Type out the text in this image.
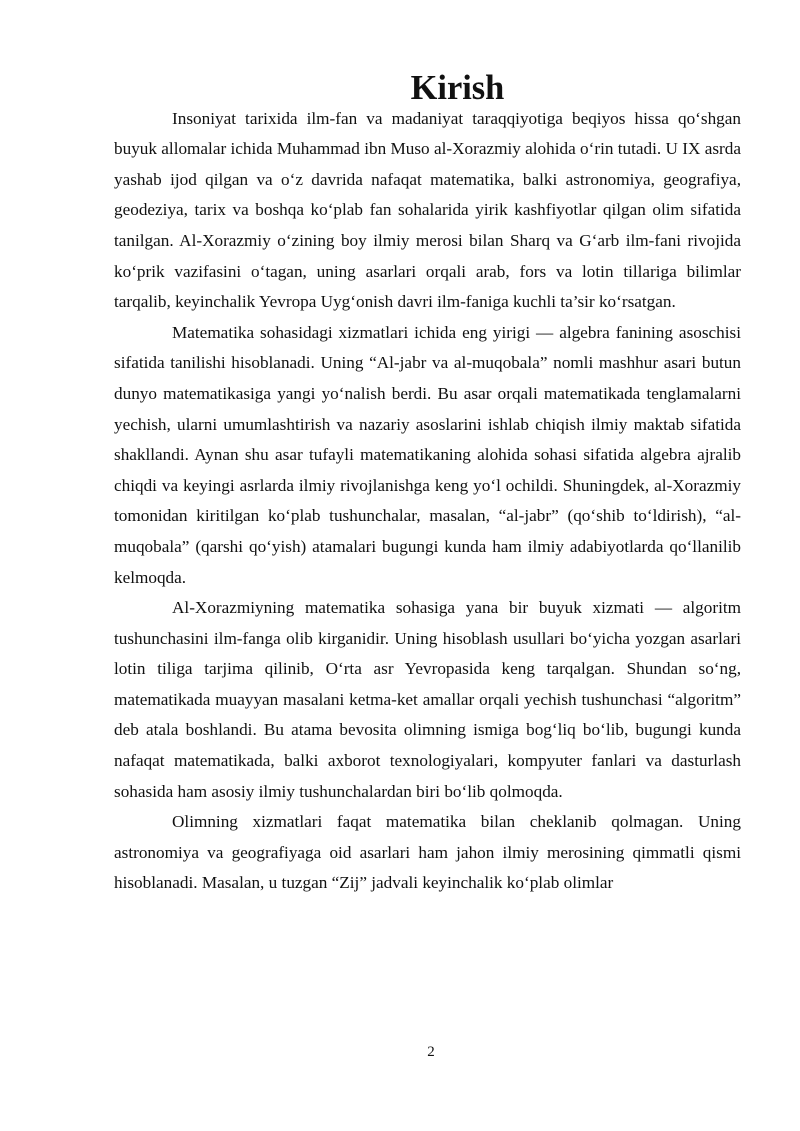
Kirish

Insoniyat tarixida ilm-fan va madaniyat taraqqiyotiga beqiyos hissa qo‘shgan buyuk allomalar ichida Muhammad ibn Muso al-Xorazmiy alohida o‘rin tutadi. U IX asrda yashab ijod qilgan va o‘z davrida nafaqat matematika, balki astronomiya, geografiya, geodeziya, tarix va boshqa ko‘plab fan sohalarida yirik kashfiyotlar qilgan olim sifatida tanilgan. Al-Xorazmiy o‘zining boy ilmiy merosi bilan Sharq va G‘arb ilm-fani rivojida ko‘prik vazifasini o‘tagan, uning asarlari orqali arab, fors va lotin tillariga bilimlar tarqalib, keyinchalik Yevropa Uyg‘onish davri ilm-faniga kuchli ta’sir ko‘rsatgan.

Matematika sohasidagi xizmatlari ichida eng yirigi — algebra fanining asoschisi sifatida tanilishi hisoblanadi. Uning “Al-jabr va al-muqobala” nomli mashhur asari butun dunyo matematikasiga yangi yo‘nalish berdi. Bu asar orqali matematikada tenglamalarni yechish, ularni umumlashtirish va nazariy asoslarini ishlab chiqish ilmiy maktab sifatida shakllandi. Aynan shu asar tufayli matematikaning alohida sohasi sifatida algebra ajralib chiqdi va keyingi asrlarda ilmiy rivojlanishga keng yo‘l ochildi. Shuningdek, al-Xorazmiy tomonidan kiritilgan ko‘plab tushunchalar, masalan, “al-jabr” (qo‘shib to‘ldirish), “al-muqobala” (qarshi qo‘yish) atamalari bugungi kunda ham ilmiy adabiyotlarda qo‘llanilib kelmoqda.

Al-Xorazmiyning matematika sohasiga yana bir buyuk xizmati — algoritm tushunchasini ilm-fanga olib kirganidir. Uning hisoblash usullari bo‘yicha yozgan asarlari lotin tiliga tarjima qilinib, O‘rta asr Yevropasida keng tarqalgan. Shundan so‘ng, matematikada muayyan masalani ketma-ket amallar orqali yechish tushunchasi “algoritm” deb atala boshlandi. Bu atama bevosita olimning ismiga bog‘liq bo‘lib, bugungi kunda nafaqat matematikada, balki axborot texnologiyalari, kompyuter fanlari va dasturlash sohasida ham asosiy ilmiy tushunchalardan biri bo‘lib qolmoqda.

Olimning xizmatlari faqat matematika bilan cheklanib qolmagan. Uning astronomiya va geografiyaga oid asarlari ham jahon ilmiy merosining qimmatli qismi hisoblanadi. Masalan, u tuzgan “Zij” jadvali keyinchalik ko‘plab olimlar

2
